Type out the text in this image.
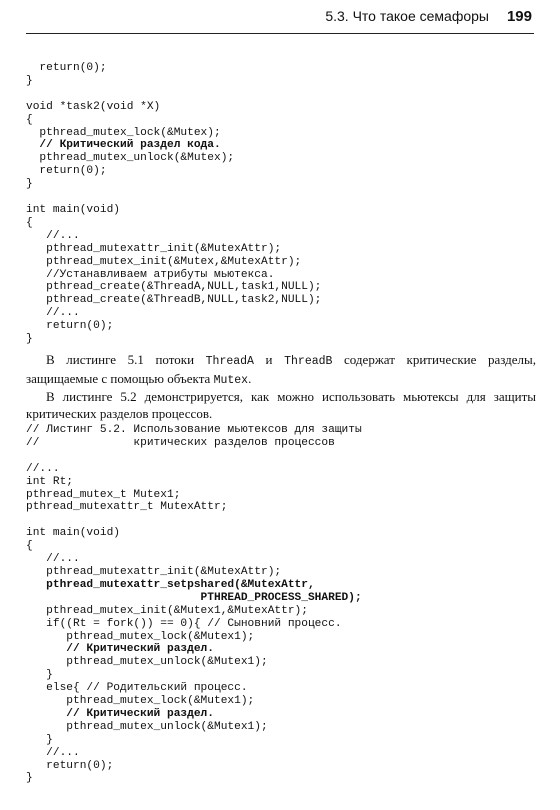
5.3. Что такое семафоры 199
return(0);
}

void *task2(void *X)
{
pthread_mutex_lock(&Mutex);
// Критический раздел кода.
pthread_mutex_unlock(&Mutex);
return(0);
}

int main(void)
{
//...
pthread_mutexattr_init(&MutexAttr);
pthread_mutex_init(&Mutex,&MutexAttr);
//Устанавливаем атрибуты мьютекса.
pthread_create(&ThreadA,NULL,task1,NULL);
pthread_create(&ThreadB,NULL,task2,NULL);
//...
return(0);
}

В листинге 5.1 потоки ThreadA и ThreadB содержат критические разделы, защищаемые с помощью объекта Mutex.

В листинге 5.2 демонстрируется, как можно использовать мьютексы для защиты критических разделов процессов.

// Листинг 5.2. Использование мьютексов для защиты
//              критических разделов процессов

//...
int Rt;
pthread_mutex_t Mutex1;
pthread_mutexattr_t MutexAttr;

int main(void)
{
//...
pthread_mutexattr_init(&MutexAttr);
pthread_mutexattr_setpshared(&MutexAttr,
PTHREAD_PROCESS_SHARED);
pthread_mutex_init(&Mutex1,&MutexAttr);
if((Rt = fork()) == 0){ // Сыновний процесс.
pthread_mutex_lock(&Mutex1);
// Критический раздел.
pthread_mutex_unlock(&Mutex1);
}
else{ // Родительский процесс.
pthread_mutex_lock(&Mutex1);
// Критический раздел.
pthread_mutex_unlock(&Mutex1);
}
//...
return(0);
}
